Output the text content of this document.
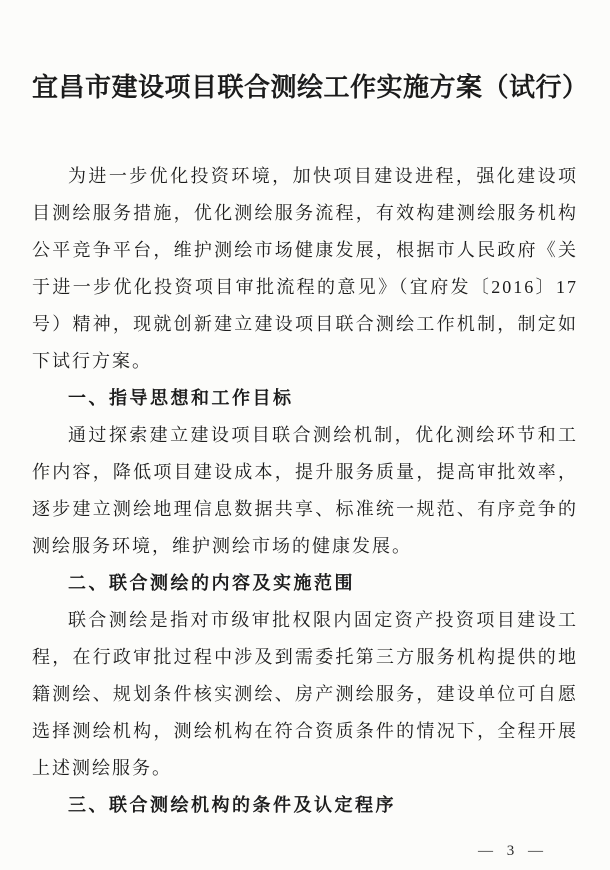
宜昌市建设项目联合测绘工作实施方案（试行）

为进一步优化投资环境，加快项目建设进程，强化建设项目测绘服务措施，优化测绘服务流程，有效构建测绘服务机构公平竞争平台，维护测绘市场健康发展，根据市人民政府《关于进一步优化投资项目审批流程的意见》（宜府发〔2016〕17号）精神，现就创新建立建设项目联合测绘工作机制，制定如下试行方案。

一、指导思想和工作目标

通过探索建立建设项目联合测绘机制，优化测绘环节和工作内容，降低项目建设成本，提升服务质量，提高审批效率，逐步建立测绘地理信息数据共享、标准统一规范、有序竞争的测绘服务环境，维护测绘市场的健康发展。

二、联合测绘的内容及实施范围

联合测绘是指对市级审批权限内固定资产投资项目建设工程，在行政审批过程中涉及到需委托第三方服务机构提供的地籍测绘、规划条件核实测绘、房产测绘服务，建设单位可自愿选择测绘机构，测绘机构在符合资质条件的情况下，全程开展上述测绘服务。

三、联合测绘机构的条件及认定程序

— 3 —
